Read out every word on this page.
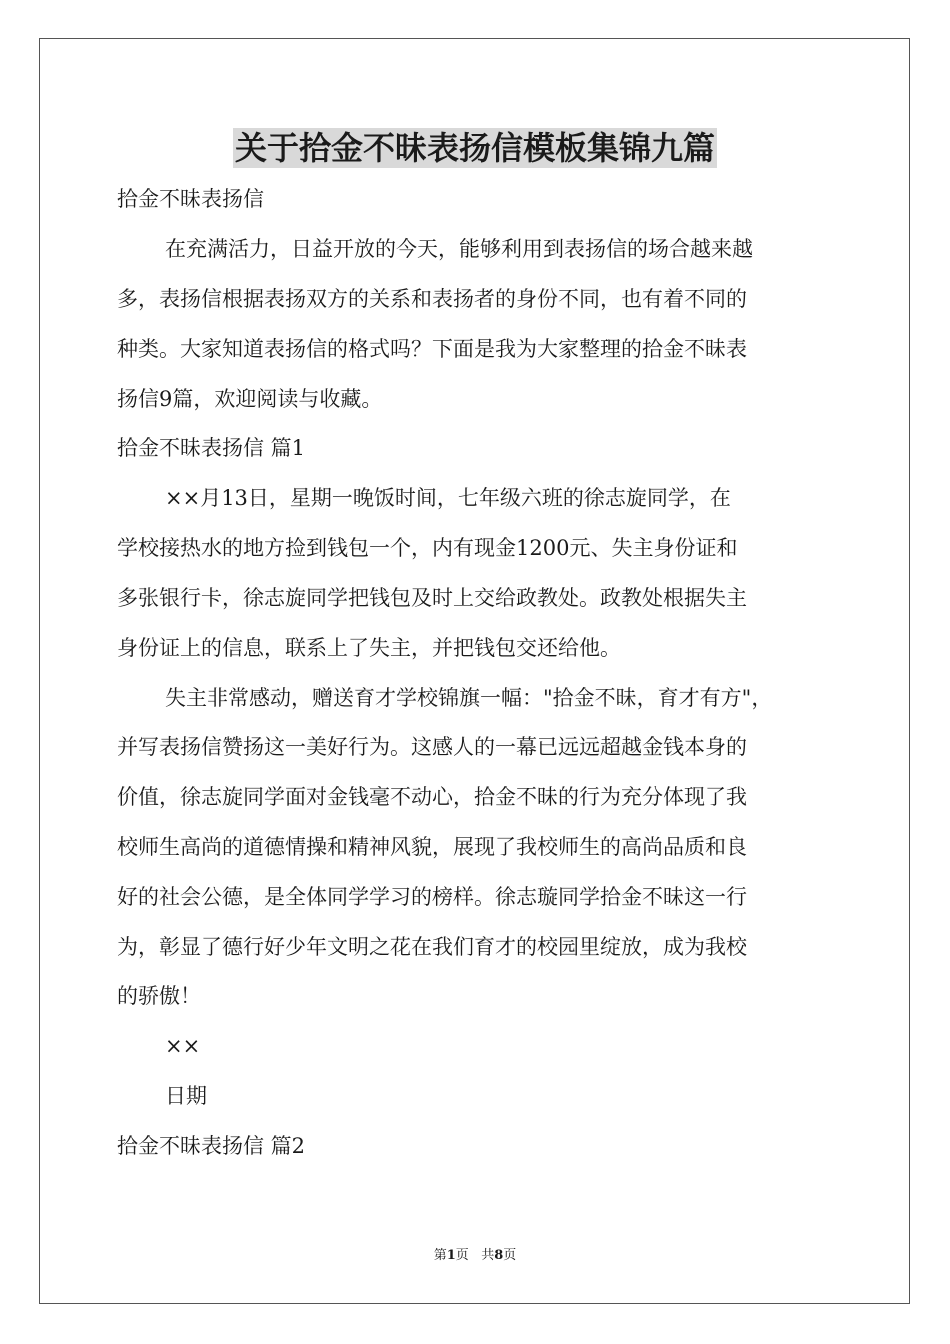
关于拾金不昧表扬信模板集锦九篇
拾金不昧表扬信
在充满活力，日益开放的今天，能够利用到表扬信的场合越来越
多，表扬信根据表扬双方的关系和表扬者的身份不同，也有着不同的
种类。大家知道表扬信的格式吗？下面是我为大家整理的拾金不昧表
扬信9篇，欢迎阅读与收藏。
拾金不昧表扬信 篇1
××月13日，星期一晚饭时间，七年级六班的徐志旋同学，在
学校接热水的地方捡到钱包一个，内有现金1200元、失主身份证和
多张银行卡，徐志旋同学把钱包及时上交给政教处。政教处根据失主
身份证上的信息，联系上了失主，并把钱包交还给他。
失主非常感动，赠送育才学校锦旗一幅："拾金不昧，育才有方"，
并写表扬信赞扬这一美好行为。这感人的一幕已远远超越金钱本身的
价值，徐志旋同学面对金钱毫不动心，拾金不昧的行为充分体现了我
校师生高尚的道德情操和精神风貌，展现了我校师生的高尚品质和良
好的社会公德，是全体同学学习的榜样。徐志璇同学拾金不昧这一行
为，彰显了德行好少年文明之花在我们育才的校园里绽放，成为我校
的骄傲！
××
日期
拾金不昧表扬信 篇2
第1页 共8页
